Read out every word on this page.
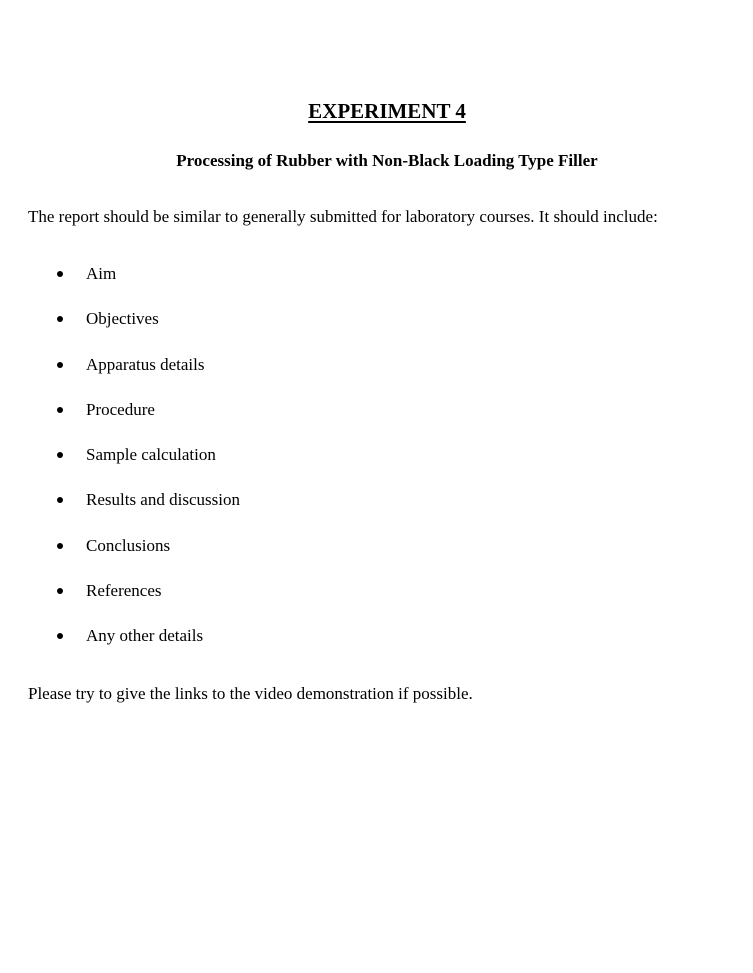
EXPERIMENT 4
Processing of Rubber with Non-Black Loading Type Filler

The report should be similar to generally submitted for laboratory courses. It should include:

Aim
Objectives
Apparatus details
Procedure
Sample calculation
Results and discussion
Conclusions
References
Any other details

Please try to give the links to the video demonstration if possible.
